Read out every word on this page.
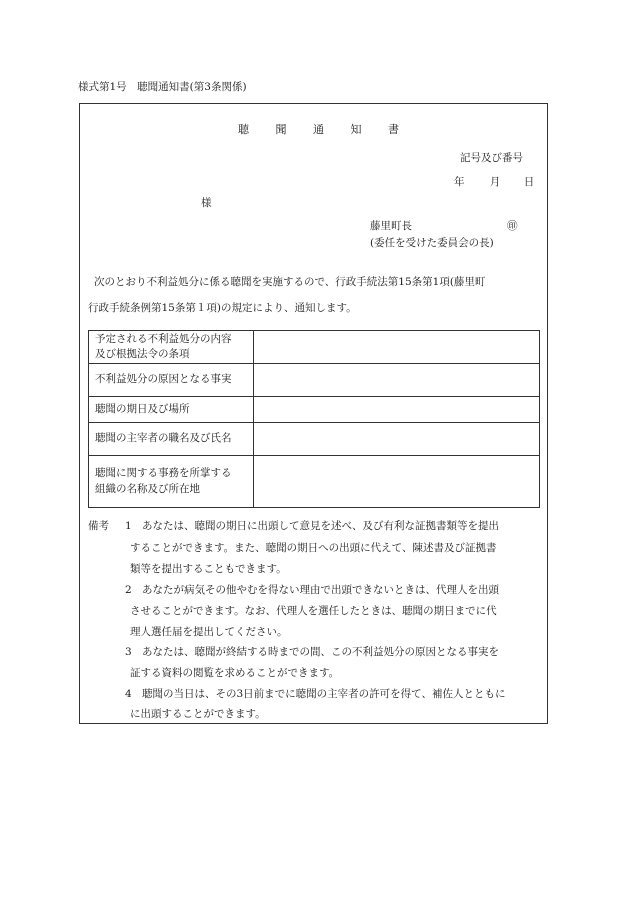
様式第1号　聴聞通知書(第3条関係)
聴 聞 通 知 書
記号及び番号
年 月 日
様
藤里町長	㊞
(委任を受けた委員会の長)
次のとおり不利益処分に係る聴聞を実施するので、行政手続法第15条第1項(藤里町
行政手続条例第15条第１項)の規定により、通知します。
予定される不利益処分の内容
及び根拠法令の条項	

不利益処分の原因となる事実	

聴聞の期日及び場所	

聴聞の主宰者の職名及び氏名	

聴聞に関する事務を所掌する
組織の名称及び所在地	

備考 1 あなたは、聴聞の期日に出頭して意見を述べ、及び有利な証拠書類等を提出
することができます。また、聴聞の期日への出頭に代えて、陳述書及び証拠書
類等を提出することもできます。
2 あなたが病気その他やむを得ない理由で出頭できないときは、代理人を出頭
させることができます。なお、代理人を選任したときは、聴聞の期日までに代
理人選任届を提出してください。
3 あなたは、聴聞が終結する時までの間、この不利益処分の原因となる事実を
証する資料の閲覧を求めることができます。
4 聴聞の当日は、その3日前までに聴聞の主宰者の許可を得て、補佐人とともに
に出頭することができます。
